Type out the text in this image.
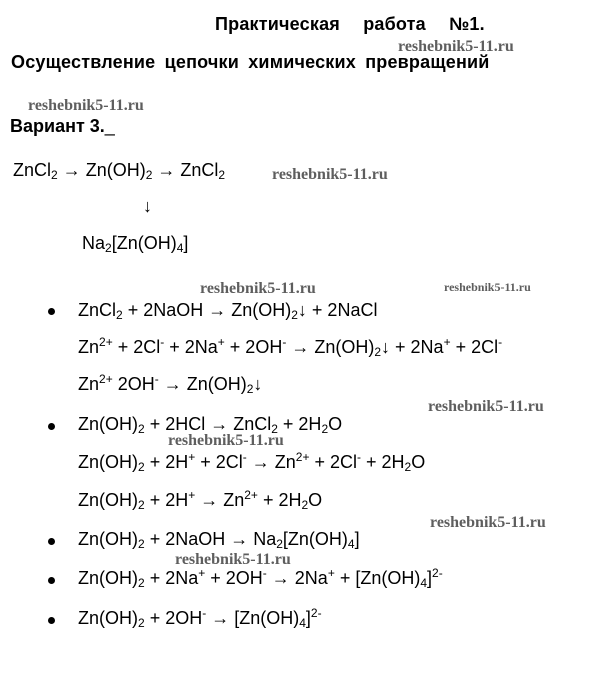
Практическая работа №1.
Осуществление цепочки химических превращений
Вариант 3._
ZnCl$_2$ → $Zn(OH)_2$ → ZnCl$_2$
↓
$Na_2[Zn(OH)_4]$
ZnCl$_2$ + 2NaOH → $Zn(OH)_2↓$ + 2NaCl
$Zn^{2+} + 2Cl^- + 2Na^+ + 2OH^-$ → $Zn(OH)_2↓ + 2Na^+ + 2Cl^-$
$Zn^{2+}$ $2OH^- \to Zn(OH)_2↓$
$Zn(OH)_2 + 2HCl$ → ZnCl$_2$ + $2H_2O$
$Zn(OH)_2 + 2H^+ + 2Cl^- \to Zn^{2+} + 2Cl^- + 2H_2O$
$Zn(OH)_2 + 2H^+ \to Zn^{2+} + 2H_2O$
$Zn(OH)_2$ + 2NaOH → $Na_2[Zn(OH)_4]$
$Zn(OH)_2 + 2Na^+ + 2OH^- \to 2Na^+ + [Zn(OH)_4]^{2-}$
$Zn(OH)_2 + 2OH^- \to [Zn(OH)_4]^{2-}$
reshebnik5-11.ru
reshebnik5-11.ru
reshebnik5-11.ru
reshebnik5-11.ru	reshebnik5-11.ru
reshebnik5-11.ru
reshebnik5-11.ru
reshebnik5-11.ru
reshebnik5-11.ru
